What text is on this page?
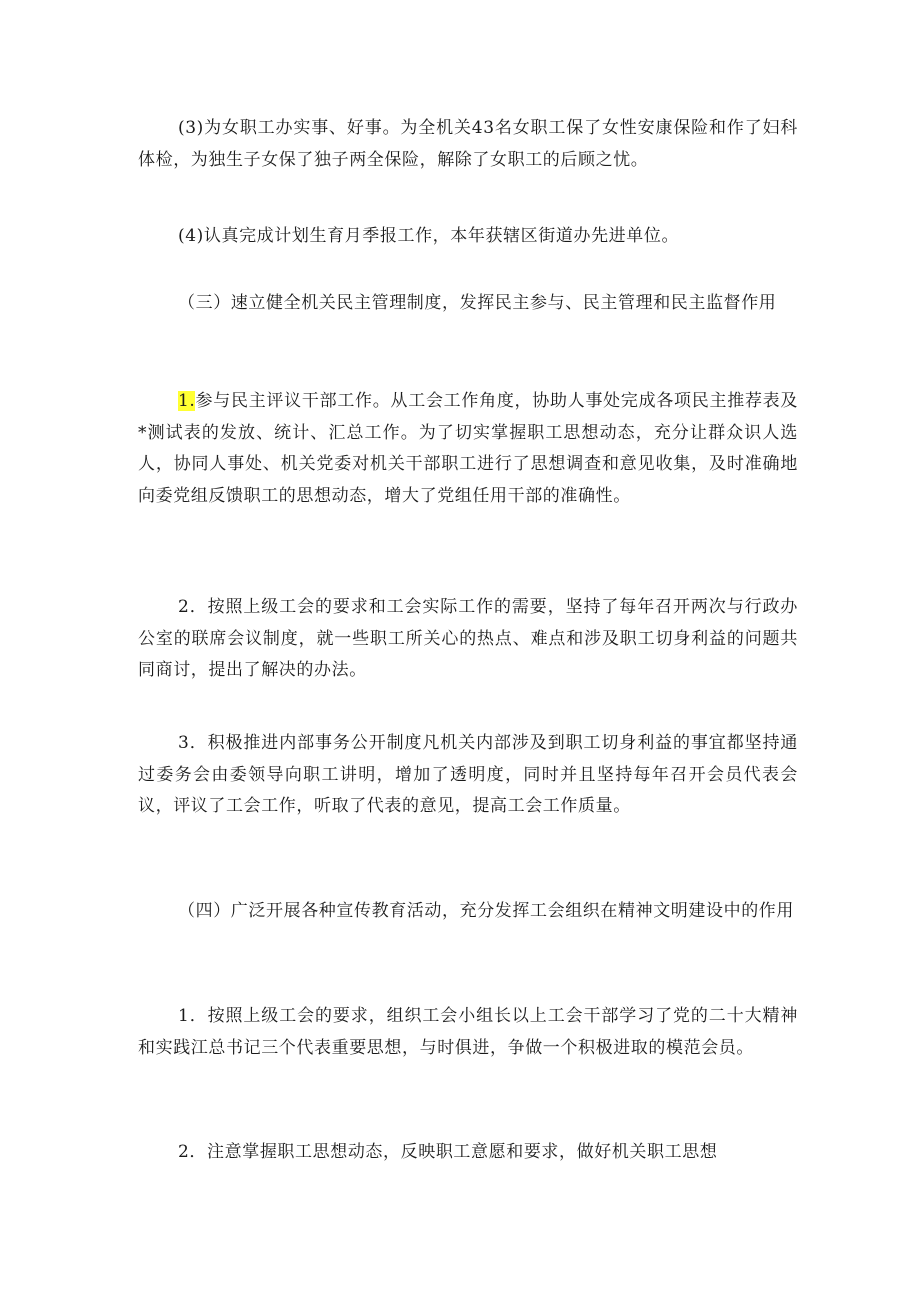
(3)为女职工办实事、好事。为全机关43名女职工保了女性安康保险和作了妇科体检，为独生子女保了独子两全保险，解除了女职工的后顾之忧。

(4)认真完成计划生育月季报工作，本年获辖区街道办先进单位。

（三）速立健全机关民主管理制度，发挥民主参与、民主管理和民主监督作用

1.参与民主评议干部工作。从工会工作角度，协助人事处完成各项民主推荐表及*测试表的发放、统计、汇总工作。为了切实掌握职工思想动态，充分让群众识人选人，协同人事处、机关党委对机关干部职工进行了思想调查和意见收集，及时准确地向委党组反馈职工的思想动态，增大了党组任用干部的准确性。

2．按照上级工会的要求和工会实际工作的需要，坚持了每年召开两次与行政办公室的联席会议制度，就一些职工所关心的热点、难点和涉及职工切身利益的问题共同商讨，提出了解决的办法。

3．积极推进内部事务公开制度凡机关内部涉及到职工切身利益的事宜都坚持通过委务会由委领导向职工讲明，增加了透明度，同时并且坚持每年召开会员代表会议，评议了工会工作，听取了代表的意见，提高工会工作质量。

（四）广泛开展各种宣传教育活动，充分发挥工会组织在精神文明建设中的作用

1．按照上级工会的要求，组织工会小组长以上工会干部学习了党的二十大精神和实践江总书记三个代表重要思想，与时俱进，争做一个积极进取的模范会员。

2．注意掌握职工思想动态，反映职工意愿和要求，做好机关职工思想
